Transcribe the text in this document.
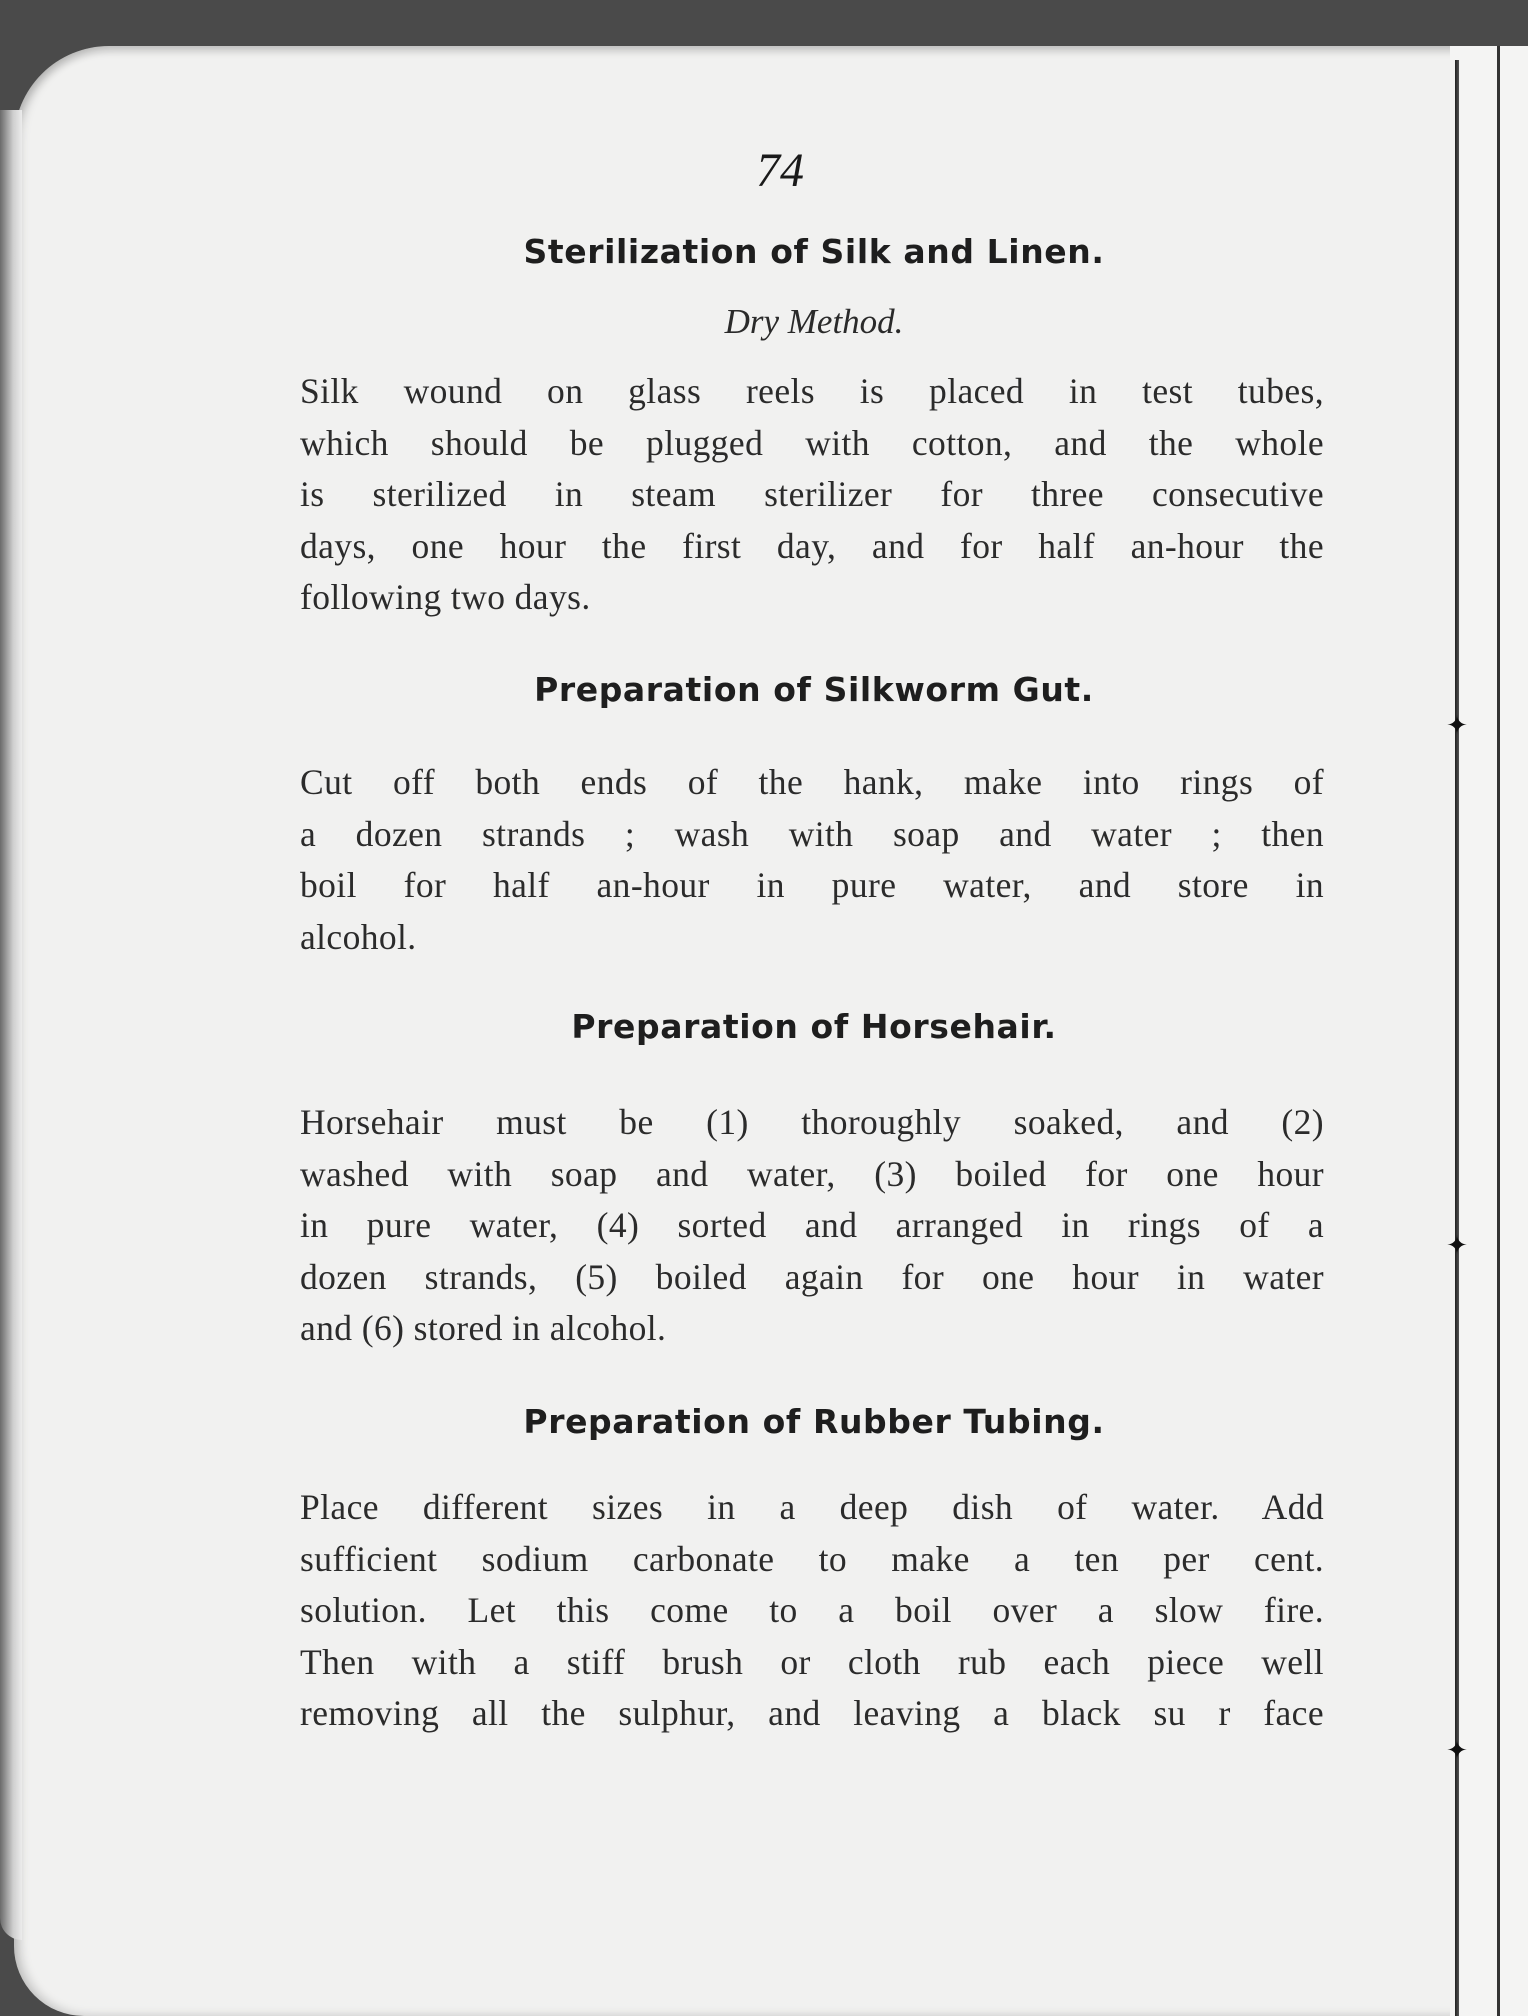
✦
✦
✦
74
Sterilization of Silk and Linen.
Dry Method.
Silk wound on glass reels is placed in test tubes,
which should be plugged with cotton, and the whole
is sterilized in steam sterilizer for three consecutive
days, one hour the first day, and for half an-hour the
following two days.
Preparation of Silkworm Gut.
Cut off both ends of the hank, make into rings of
a dozen strands ; wash with soap and water ; then
boil for half an-hour in pure water, and store in
alcohol.
Preparation of Horsehair.
Horsehair must be (1) thoroughly soaked, and (2)
washed with soap and water, (3) boiled for one hour
in pure water, (4) sorted and arranged in rings of a
dozen strands, (5) boiled again for one hour in water
and (6) stored in alcohol.
Preparation of Rubber Tubing.
Place different sizes in a deep dish of water. Add
sufficient sodium carbonate to make a ten per cent.
solution. Let this come to a boil over a slow fire.
Then with a stiff brush or cloth rub each piece well
removing all the sulphur, and leaving a black su r face
